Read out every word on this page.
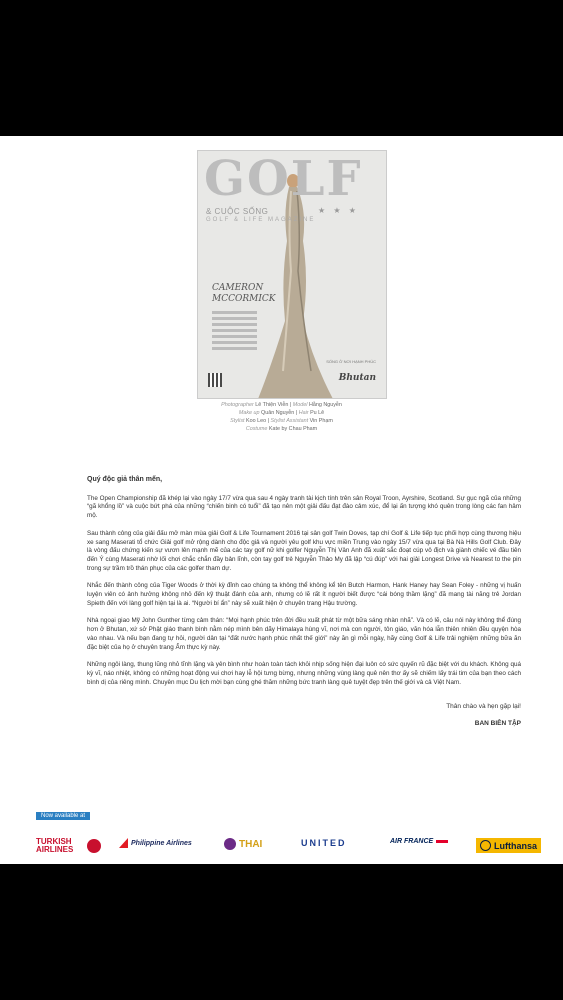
GOLF
& CUỘC SỐNG	★ ★ ★
GOLF & LIFE MAGAZINE
CAMERON MCCORMICK
SỐNG Ở NƠI HẠNH PHÚC
Bhutan
Photographer Lê Thiện Viễn | Model Hằng Nguyễn
Make up Quân Nguyễn | Hair Pu Lê
Stylist Koo Leo | Stylist Assistant Vin Phạm
Costume Kate by Chau Pham
Quý độc giả thân mến,

The Open Championship đã khép lại vào ngày 17/7 vừa qua sau 4 ngày tranh tài kịch tính trên sân Royal Troon, Ayrshire, Scotland. Sự gục ngã của những “gã khổng lồ” và cuộc bứt phá của những “chiến binh có tuổi” đã tạo nên một giải đấu đạt đào cảm xúc, để lại ấn tượng khó quên trong lòng các fan hâm mộ.

Sau thành công của giải đấu mở màn mùa giải Golf & Life Tournament 2016 tại sân golf Twin Doves, tạp chí Golf & Life tiếp tục phối hợp cùng thương hiệu xe sang Maserati tổ chức Giải golf mở rộng dành cho độc giả và người yêu golf khu vực miền Trung vào ngày 15/7 vừa qua tại Bà Nà Hills Golf Club. Đây là vòng đấu chứng kiến sự vươn lên mạnh mẽ của các tay golf nữ khi golfer Nguyễn Thị Vân Anh đã xuất sắc đoạt cúp vô địch và giành chiếc vé đầu tiên đến Ý cùng Maserati nhờ lối chơi chắc chắn đầy bản lĩnh, còn tay golf trẻ Nguyễn Thảo My đã lập “cú đúp” với hai giải Longest Drive và Nearest to the pin trong sự trầm trồ thán phục của các golfer tham dự.

Nhắc đến thành công của Tiger Woods ở thời kỳ đỉnh cao chúng ta không thể không kể tên Butch Harmon, Hank Haney hay Sean Foley - những vị huấn luyện viên có ảnh hưởng không nhỏ đến kỹ thuật đánh của anh, nhưng có lẽ rất ít người biết được “cái bóng thầm lặng” đã mang tài năng trẻ Jordan Spieth đến với làng golf hiện tại là ai. “Người bí ẩn” này sẽ xuất hiện ở chuyên trang Hậu trường.

Nhà ngoại giao Mỹ John Gunther từng cảm thán: “Mọi hạnh phúc trên đời đều xuất phát từ một bữa sáng nhàn nhã”. Và có lẽ, câu nói này không thể đúng hơn ở Bhutan, xứ sở Phật giáo thanh bình nằm nép mình bên dãy Himalaya hùng vĩ, nơi mà con người, tôn giáo, văn hóa lẫn thiên nhiên đều quyện hòa vào nhau. Và nếu bạn đang tự hỏi, người dân tại “đất nước hạnh phúc nhất thế giới” này ăn gì mỗi ngày, hãy cùng Golf & Life trải nghiệm những bữa ăn đặc biệt của họ ở chuyên trang Ẩm thực kỳ này.

Những ngôi làng, thung lũng nhỏ tĩnh lặng và yên bình như hoàn toàn tách khỏi nhịp sống hiện đại luôn có sức quyến rũ đặc biệt với du khách. Không quá kỳ vĩ, náo nhiệt, không có những hoạt động vui chơi hay lễ hội tưng bừng, nhưng những vùng làng quê nên thơ ấy sẽ chiếm lấy trái tim của bạn theo cách bình dị của riêng mình. Chuyên mục Du lịch mời bạn cùng ghé thăm những bức tranh làng quê tuyệt đẹp trên thế giới và cả Việt Nam.

Thân chào và hẹn gặp lại!
BAN BIÊN TẬP
Now available at
TURKISH AIRLINES
Philippine Airlines	THAI	UNITED	AIR FRANCE	Lufthansa
